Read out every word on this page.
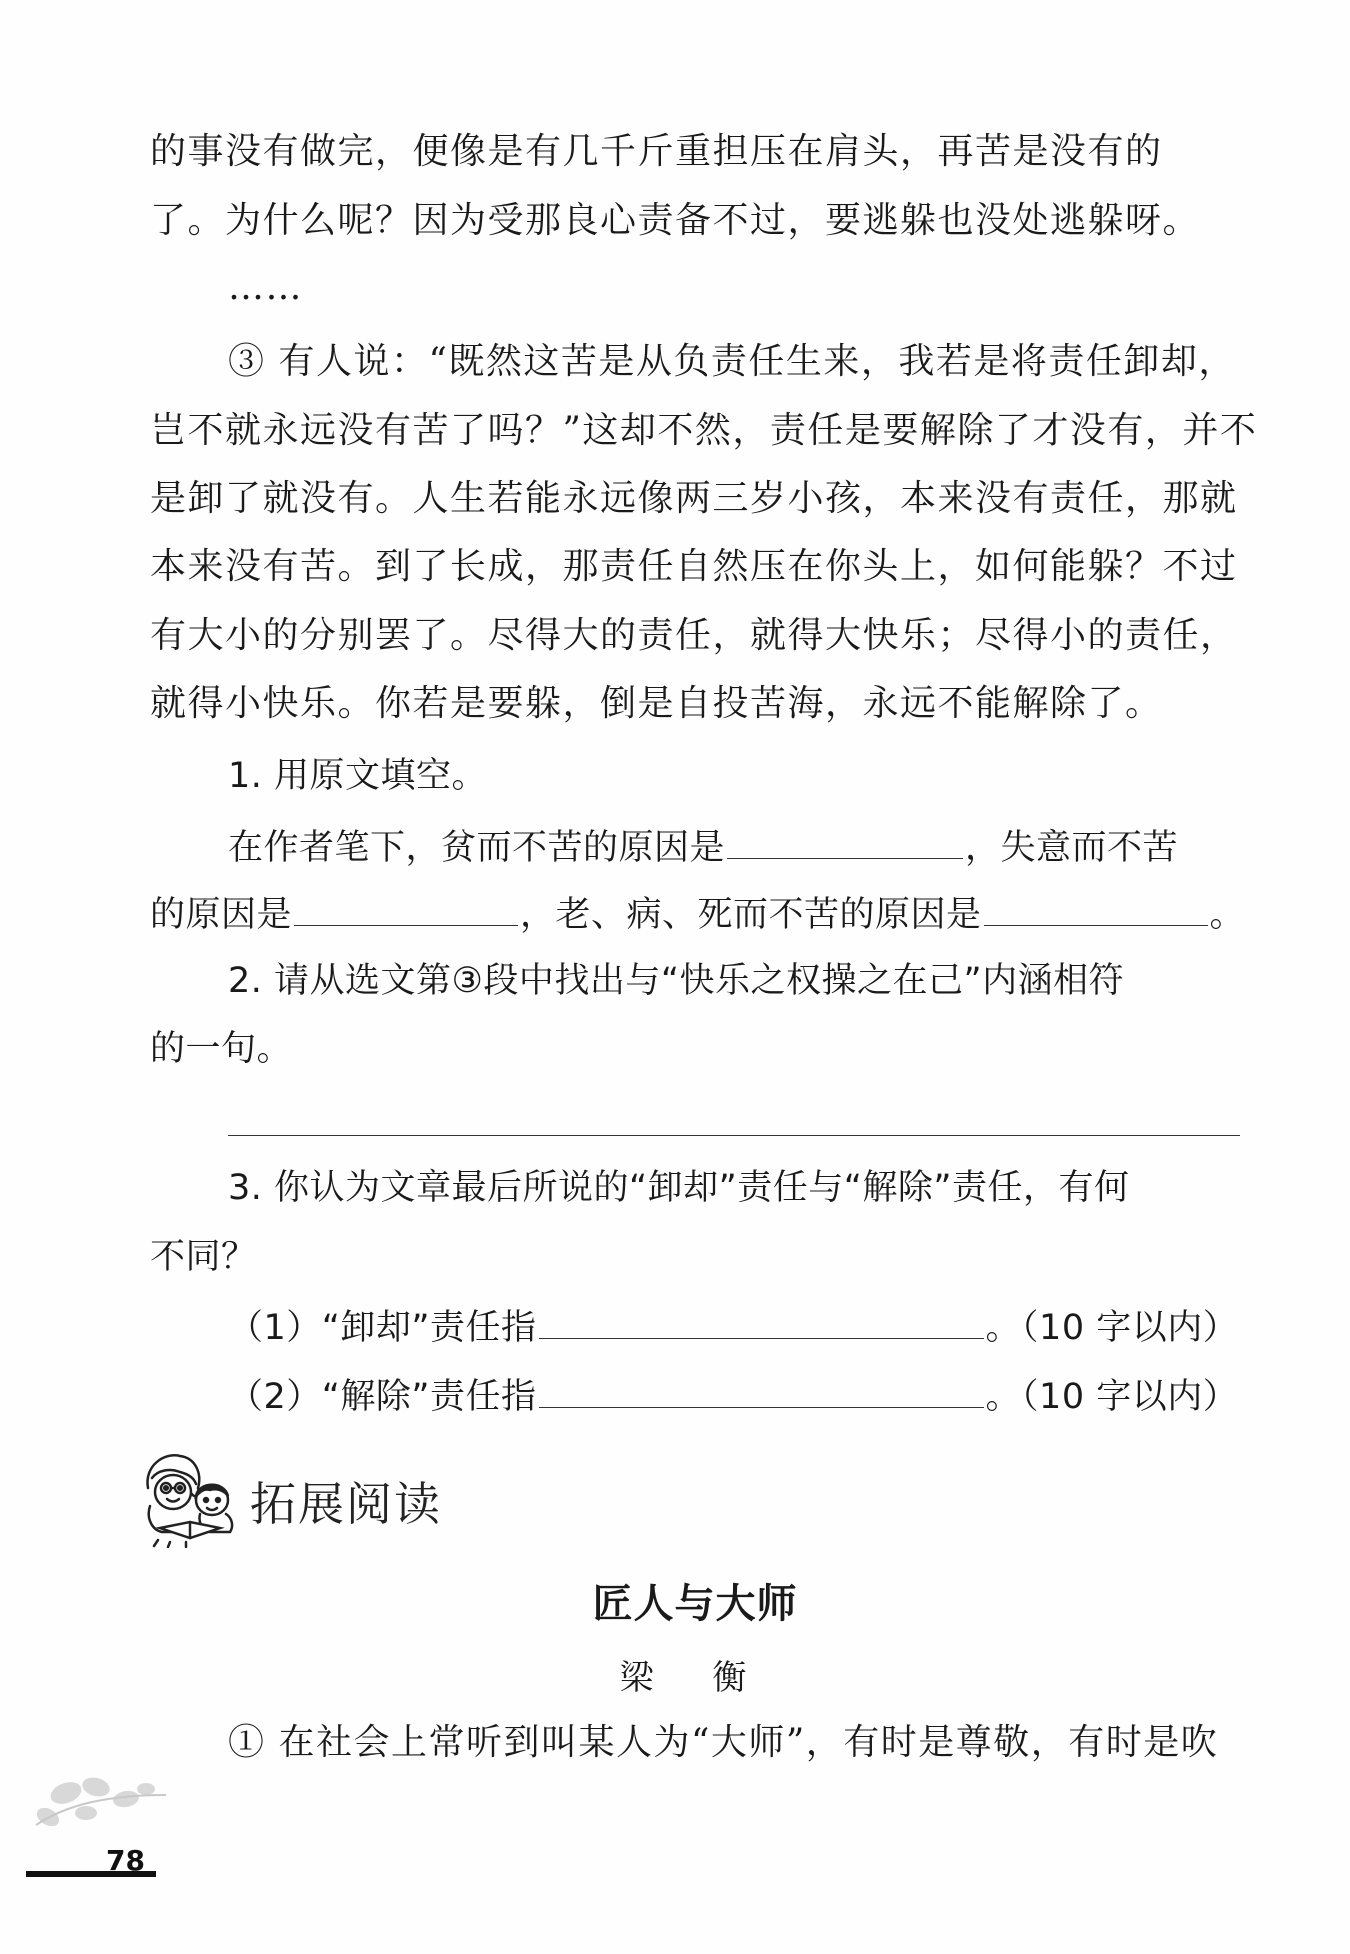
的事没有做完，便像是有几千斤重担压在肩头，再苦是没有的
了。为什么呢？因为受那良心责备不过，要逃躲也没处逃躲呀。
……
③ 有人说：“既然这苦是从负责任生来，我若是将责任卸却，
岂不就永远没有苦了吗？”这却不然，责任是要解除了才没有，并不
是卸了就没有。人生若能永远像两三岁小孩，本来没有责任，那就
本来没有苦。到了长成，那责任自然压在你头上，如何能躲？不过
有大小的分别罢了。尽得大的责任，就得大快乐；尽得小的责任，
就得小快乐。你若是要躲，倒是自投苦海，永远不能解除了。
1. 用原文填空。
在作者笔下，贫而不苦的原因是	，失意而不苦
的原因是	，老、病、死而不苦的原因是	。
2. 请从选文第③段中找出与“快乐之权操之在己”内涵相符
的一句。
3. 你认为文章最后所说的“卸却”责任与“解除”责任，有何
不同？
（1）“卸却”责任指	。（10 字以内）
（2）“解除”责任指	。（10 字以内）
拓展阅读
匠人与大师
梁 衡
① 在社会上常听到叫某人为“大师”，有时是尊敬，有时是吹
78
